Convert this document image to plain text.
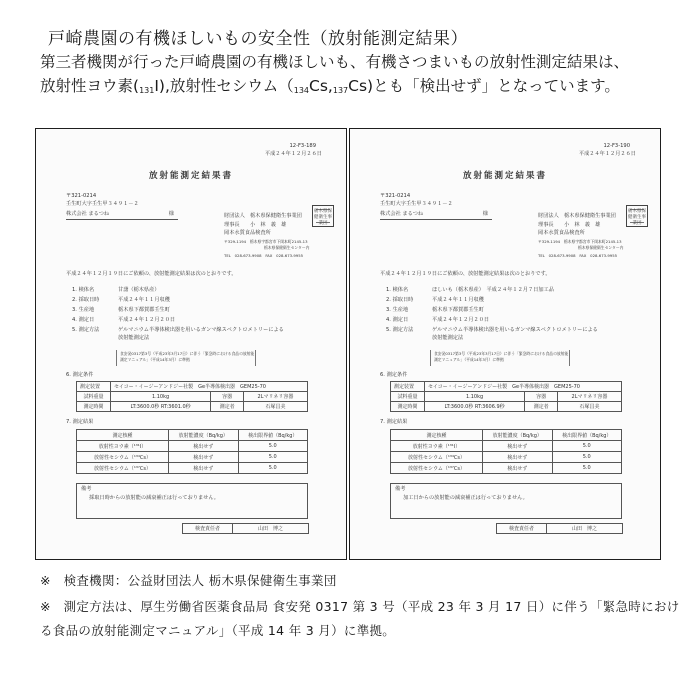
戸崎農園の有機ほしいもの安全性（放射能測定結果）
第三者機関が行った戸崎農園の有機ほしいも、有機さつまいもの放射性測定結果は、
放射性ヨウ素$(_{131}I)$,放射性セシウム$(_{134}Cs,_{137}Cs)$とも「検出せず」となっています。
12-F3-189
平成２４年１２月２６日
放射能測定結果書
〒321-0214
壬生町大字壬生甲３４９１－２
株式会社 まるつね	様	財団法人　栃木県保健衛生事業団
理事長　　小　林　義　雄
岡本水質食品検査所
〒329-1194　栃木県宇都宮市下岡本町2145-13
栃木県保健衛生センター内
TEL　028-673-9908　FAX　028-673-9955
栃木県保健衛生事業団
平成２４年１２月１９日にご依頼の、放射能測定結果は次のとおりです。
1. 検体名	甘藷（栃木県産）
2. 採取日時	平成２４年１１月収穫
3. 生産地	栃木県下都賀郡壬生町
4. 測定日	平成２４年１２月２０日
5. 測定方法	ゲルマニウム半導体検出器を用いるガンマ線スペクトロメトリーによる
放射能測定法
食安発0317第3号（平成23年3月17日）に伴う「緊急時における食品の放射能
測定マニュアル」（平成14年3月）に準拠
6. 測定条件
測定装置	セイコー・イージーアンドジー社製　Ge半導体検出器　GEM25-70		
試料重量	1.10kg	容器	2Lマリネリ容器
測定時間	LT:3600.0秒 RT:3601.0秒	測定者	石塚昌美
7. 測定結果
測定核種	放射能濃度（Bq/kg）	検出限界値（Bq/kg）
放射性ヨウ素（¹³¹I）	検出せず	5.0
放射性セシウム（¹³⁴Cs）	検出せず	5.0
放射性セシウム（¹³⁷Cs）	検出せず	5.0
備考
採取日時からの放射能の減衰補正は行っておりません。
検査責任者	山田　博之
12-F3-190
平成２４年１２月２６日
放射能測定結果書
〒321-0214
壬生町大字壬生甲３４９１－２
株式会社 まるつね	様	財団法人　栃木県保健衛生事業団
理事長　　小　林　義　雄
岡本水質食品検査所
〒329-1194　栃木県宇都宮市下岡本町2145-13
栃木県保健衛生センター内
TEL　028-673-9908　FAX　028-673-9955
栃木県保健衛生事業団
平成２４年１２月１９日にご依頼の、放射能測定結果は次のとおりです。
1. 検体名	ほしいも（栃木県産）　平成２４年１２月７日加工品
2. 採取日時	平成２４年１１月収穫
3. 生産地	栃木県下都賀郡壬生町
4. 測定日	平成２４年１２月２０日
5. 測定方法	ゲルマニウム半導体検出器を用いるガンマ線スペクトロメトリーによる
放射能測定法
食安発0317第3号（平成23年3月17日）に伴う「緊急時における食品の放射能
測定マニュアル」（平成14年3月）に準拠
6. 測定条件
測定装置	セイコー・イージーアンドジー社製　Ge半導体検出器　GEM25-70		
試料重量	1.10kg	容器	2Lマリネリ容器
測定時間	LT:3600.0秒 RT:3606.9秒	測定者	石塚昌美
7. 測定結果
測定核種	放射能濃度（Bq/kg）	検出限界値（Bq/kg）
放射性ヨウ素（¹³¹I）	検出せず	5.0
放射性セシウム（¹³⁴Cs）	検出せず	5.0
放射性セシウム（¹³⁷Cs）	検出せず	5.0
備考
加工日からの放射能の減衰補正は行っておりません。
検査責任者	山田　博之
※　検査機関：公益財団法人 栃木県保健衛生事業団
※　測定方法は、厚生労働省医薬食品局 食安発 0317 第 3 号（平成 23 年 3 月 17 日）に伴う「緊急時におけ
る食品の放射能測定マニュアル」（平成 14 年 3 月）に準拠。
